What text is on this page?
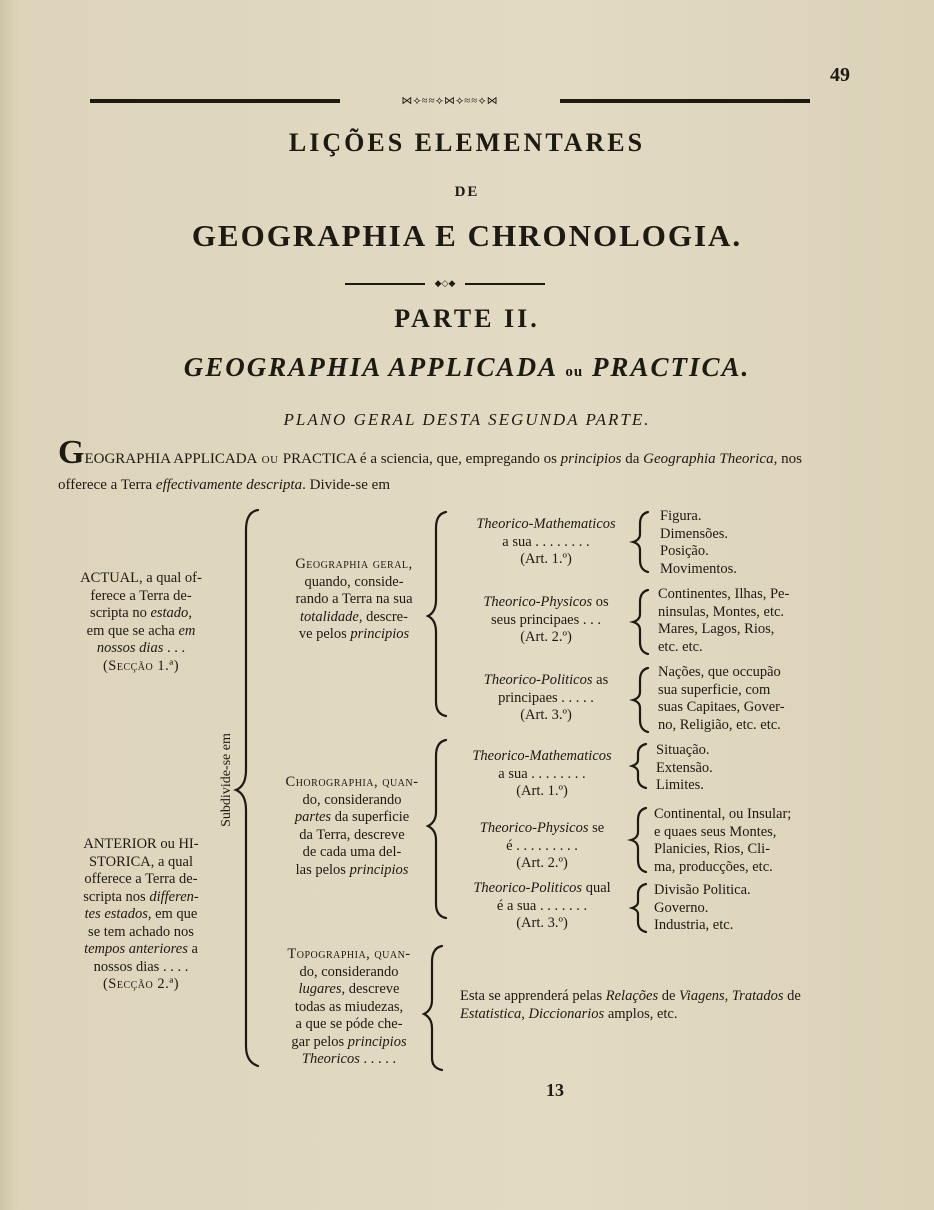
49
⋈⟡≈≈⟡⋈⟡≈≈⟡⋈
LIÇÕES ELEMENTARES
DE
GEOGRAPHIA E CHRONOLOGIA.
◆◇◆
PARTE II.
GEOGRAPHIA APPLICADA ou PRACTICA.
PLANO GERAL DESTA SEGUNDA PARTE.
GEOGRAPHIA APPLICADA ou PRACTICA é a sciencia, que, empregando os principios da Geographia Theorica, nos offerece a Terra effectivamente descripta. Divide-se em
ACTUAL, a qual of-
ferece a Terra de-
scripta no estado,
em que se acha em
nossos dias . . .
(Secção 1.ª)
ANTERIOR ou HI-
STORICA, a qual
offerece a Terra de-
scripta nos differen-
tes estados, em que
se tem achado nos
tempos anteriores a
nossos dias . . . .
(Secção 2.ª)
Subdivide-se em
Geographia geral,
quando, conside-
rando a Terra na sua
totalidade, descre-
ve pelos principios
Chorographia, quan-
do, considerando
partes da superficie
da Terra, descreve
de cada uma del-
las pelos principios
Topographia, quan-
do, considerando
lugares, descreve
todas as miudezas,
a que se póde che-
gar pelos principios
Theoricos . . . . .
Theorico-Mathematicos
a sua . . . . . . . .
(Art. 1.º)
Theorico-Physicos os
seus principaes . . .
(Art. 2.º)
Theorico-Politicos as
principaes . . . . .
(Art. 3.º)
Theorico-Mathematicos
a sua . . . . . . . .
(Art. 1.º)
Theorico-Physicos se
é . . . . . . . . .
(Art. 2.º)
Theorico-Politicos qual
é a sua . . . . . . .
(Art. 3.º)
Figura.
Dimensões.
Posição.
Movimentos.
Continentes, Ilhas, Pe-
ninsulas, Montes, etc.
Mares, Lagos, Rios,
etc. etc.
Nações, que occupão
sua superficie, com
suas Capitaes, Gover-
no, Religião, etc. etc.
Situação.
Extensão.
Limites.
Continental, ou Insular;
e quaes seus Montes,
Planicies, Rios, Cli-
ma, producções, etc.
Divisão Politica.
Governo.
Industria, etc.
Esta se apprenderá pelas Relações de Viagens, Tratados de Estatistica, Diccionarios amplos, etc.
13
